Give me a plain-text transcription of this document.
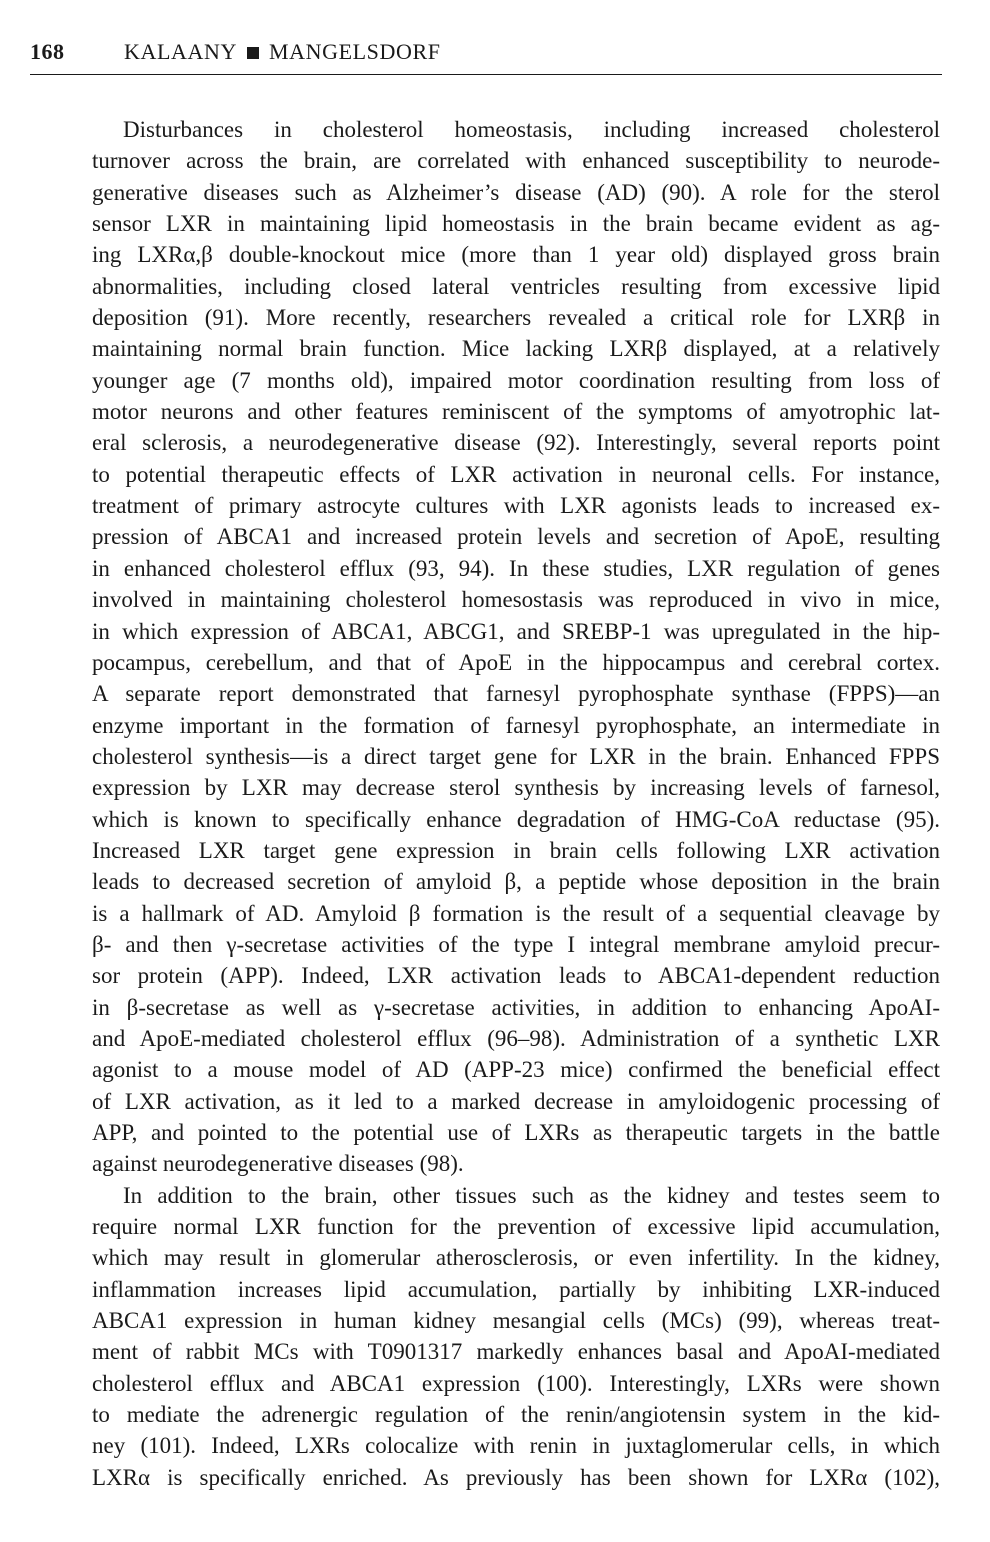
168	KALAANY MANGELSDORF
Disturbances in cholesterol homeostasis, including increased cholesterol
turnover across the brain, are correlated with enhanced susceptibility to neurode-
generative diseases such as Alzheimer’s disease (AD) (90). A role for the sterol
sensor LXR in maintaining lipid homeostasis in the brain became evident as ag-
ing LXRα,β double-knockout mice (more than 1 year old) displayed gross brain
abnormalities, including closed lateral ventricles resulting from excessive lipid
deposition (91). More recently, researchers revealed a critical role for LXRβ in
maintaining normal brain function. Mice lacking LXRβ displayed, at a relatively
younger age (7 months old), impaired motor coordination resulting from loss of
motor neurons and other features reminiscent of the symptoms of amyotrophic lat-
eral sclerosis, a neurodegenerative disease (92). Interestingly, several reports point
to potential therapeutic effects of LXR activation in neuronal cells. For instance,
treatment of primary astrocyte cultures with LXR agonists leads to increased ex-
pression of ABCA1 and increased protein levels and secretion of ApoE, resulting
in enhanced cholesterol efflux (93, 94). In these studies, LXR regulation of genes
involved in maintaining cholesterol homesostasis was reproduced in vivo in mice,
in which expression of ABCA1, ABCG1, and SREBP-1 was upregulated in the hip-
pocampus, cerebellum, and that of ApoE in the hippocampus and cerebral cortex.
A separate report demonstrated that farnesyl pyrophosphate synthase (FPPS)—an
enzyme important in the formation of farnesyl pyrophosphate, an intermediate in
cholesterol synthesis—is a direct target gene for LXR in the brain. Enhanced FPPS
expression by LXR may decrease sterol synthesis by increasing levels of farnesol,
which is known to specifically enhance degradation of HMG-CoA reductase (95).
Increased LXR target gene expression in brain cells following LXR activation
leads to decreased secretion of amyloid β, a peptide whose deposition in the brain
is a hallmark of AD. Amyloid β formation is the result of a sequential cleavage by
β- and then γ-secretase activities of the type I integral membrane amyloid precur-
sor protein (APP). Indeed, LXR activation leads to ABCA1-dependent reduction
in β-secretase as well as γ-secretase activities, in addition to enhancing ApoAI-
and ApoE-mediated cholesterol efflux (96–98). Administration of a synthetic LXR
agonist to a mouse model of AD (APP-23 mice) confirmed the beneficial effect
of LXR activation, as it led to a marked decrease in amyloidogenic processing of
APP, and pointed to the potential use of LXRs as therapeutic targets in the battle
against neurodegenerative diseases (98).
In addition to the brain, other tissues such as the kidney and testes seem to
require normal LXR function for the prevention of excessive lipid accumulation,
which may result in glomerular atherosclerosis, or even infertility. In the kidney,
inflammation increases lipid accumulation, partially by inhibiting LXR-induced
ABCA1 expression in human kidney mesangial cells (MCs) (99), whereas treat-
ment of rabbit MCs with T0901317 markedly enhances basal and ApoAI-mediated
cholesterol efflux and ABCA1 expression (100). Interestingly, LXRs were shown
to mediate the adrenergic regulation of the renin/angiotensin system in the kid-
ney (101). Indeed, LXRs colocalize with renin in juxtaglomerular cells, in which
LXRα is specifically enriched. As previously has been shown for LXRα (102),
